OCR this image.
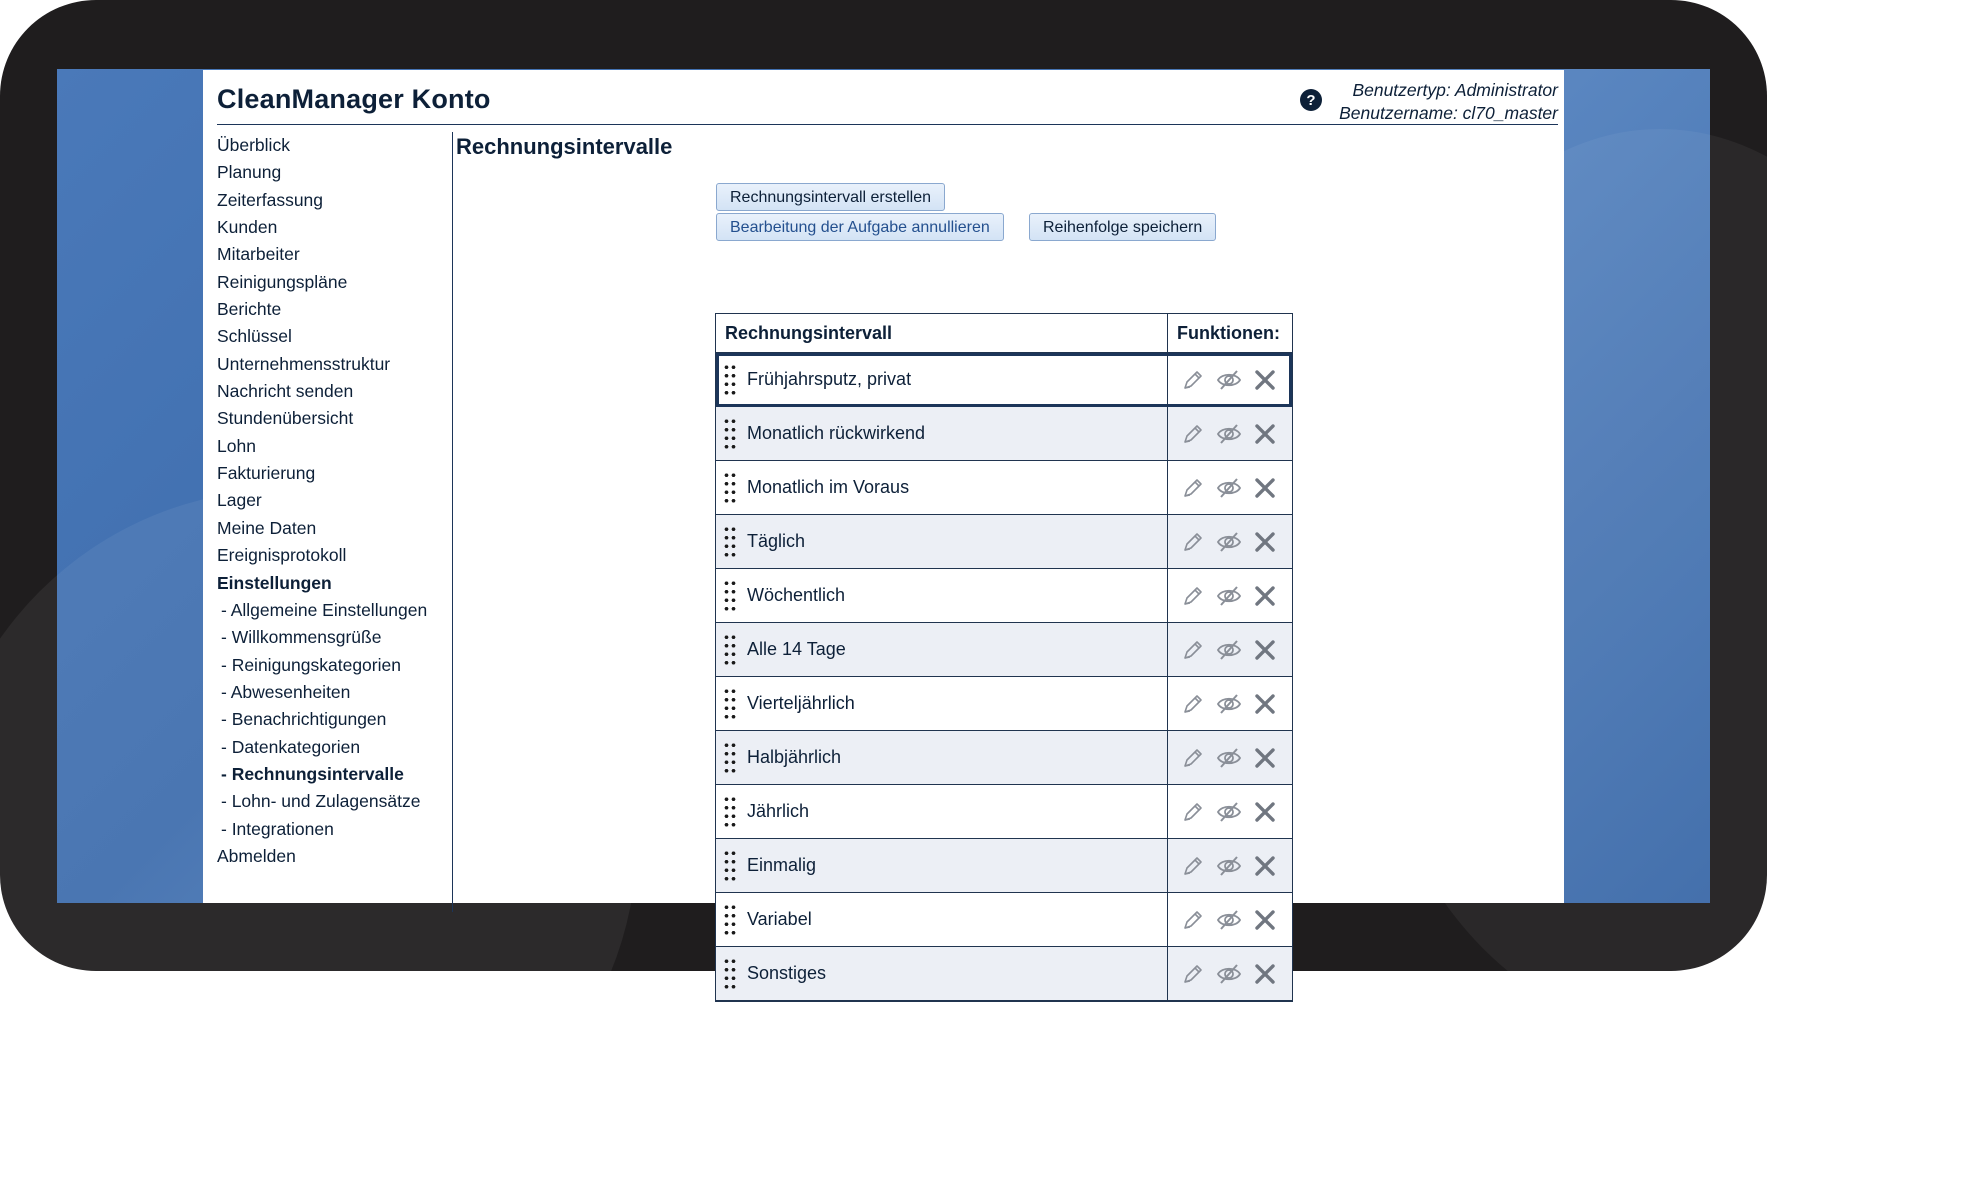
CleanManager Konto	?	Benutzertyp: Administrator
Benutzername: cl70_master
Überblick
Planung
Zeiterfassung
Kunden
Mitarbeiter
Reinigungspläne
Berichte
Schlüssel
Unternehmensstruktur
Nachricht senden
Stundenübersicht
Lohn
Fakturierung
Lager
Meine Daten
Ereignisprotokoll
Einstellungen
- Allgemeine Einstellungen
- Willkommensgrüße
- Reinigungskategorien
- Abwesenheiten
- Benachrichtigungen
- Datenkategorien
- Rechnungsintervalle
- Lohn- und Zulagensätze
- Integrationen
Abmelden
Rechnungsintervalle
Rechnungsintervall erstellen
Bearbeitung der Aufgabe annullieren	Reihenfolge speichern
Rechnungsintervall	Funktionen:
Frühjahrsputz, privat
Monatlich rückwirkend
Monatlich im Voraus
Täglich
Wöchentlich
Alle 14 Tage
Vierteljährlich
Halbjährlich
Jährlich
Einmalig
Variabel
Sonstiges
